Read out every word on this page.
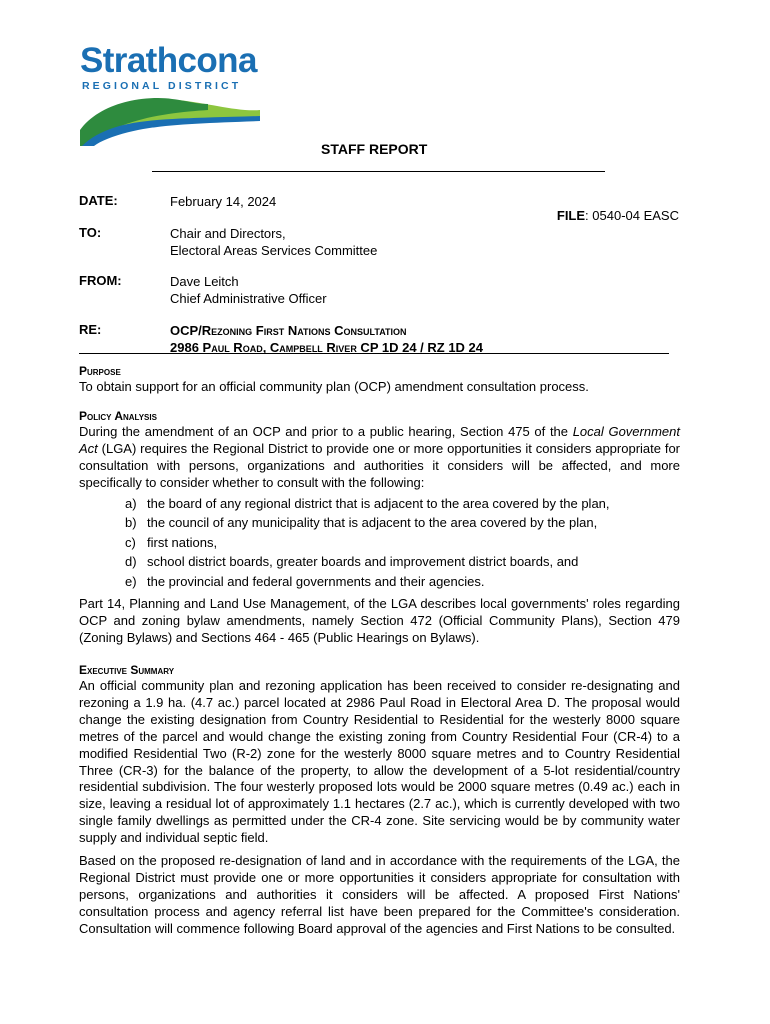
Strathcona
REGIONAL DISTRICT
STAFF REPORT
DATE:	February 14, 2024
FILE: 0540-04 EASC
TO:	Chair and Directors,
Electoral Areas Services Committee
FROM:	Dave Leitch
Chief Administrative Officer
RE:	OCP/Rezoning First Nations Consultation
2986 Paul Road, Campbell River CP 1D 24 / RZ 1D 24
Purpose

To obtain support for an official community plan (OCP) amendment consultation process.

Policy Analysis

During the amendment of an OCP and prior to a public hearing, Section 475 of the Local Government Act (LGA) requires the Regional District to provide one or more opportunities it considers appropriate for consultation with persons, organizations and authorities it considers will be affected, and more specifically to consider whether to consult with the following:

a) the board of any regional district that is adjacent to the area covered by the plan,
b) the council of any municipality that is adjacent to the area covered by the plan,
c) first nations,
d) school district boards, greater boards and improvement district boards, and
e) the provincial and federal governments and their agencies.

Part 14, Planning and Land Use Management, of the LGA describes local governments' roles regarding OCP and zoning bylaw amendments, namely Section 472 (Official Community Plans), Section 479 (Zoning Bylaws) and Sections 464 - 465 (Public Hearings on Bylaws).

Executive Summary

An official community plan and rezoning application has been received to consider re-designating and rezoning a 1.9 ha. (4.7 ac.) parcel located at 2986 Paul Road in Electoral Area D. The proposal would change the existing designation from Country Residential to Residential for the westerly 8000 square metres of the parcel and would change the existing zoning from Country Residential Four (CR-4) to a modified Residential Two (R-2) zone for the westerly 8000 square metres and to Country Residential Three (CR-3) for the balance of the property, to allow the development of a 5-lot residential/country residential subdivision. The four westerly proposed lots would be 2000 square metres (0.49 ac.) each in size, leaving a residual lot of approximately 1.1 hectares (2.7 ac.), which is currently developed with two single family dwellings as permitted under the CR-4 zone. Site servicing would be by community water supply and individual septic field.

Based on the proposed re-designation of land and in accordance with the requirements of the LGA, the Regional District must provide one or more opportunities it considers appropriate for consultation with persons, organizations and authorities it considers will be affected. A proposed First Nations' consultation process and agency referral list have been prepared for the Committee's consideration. Consultation will commence following Board approval of the agencies and First Nations to be consulted.
